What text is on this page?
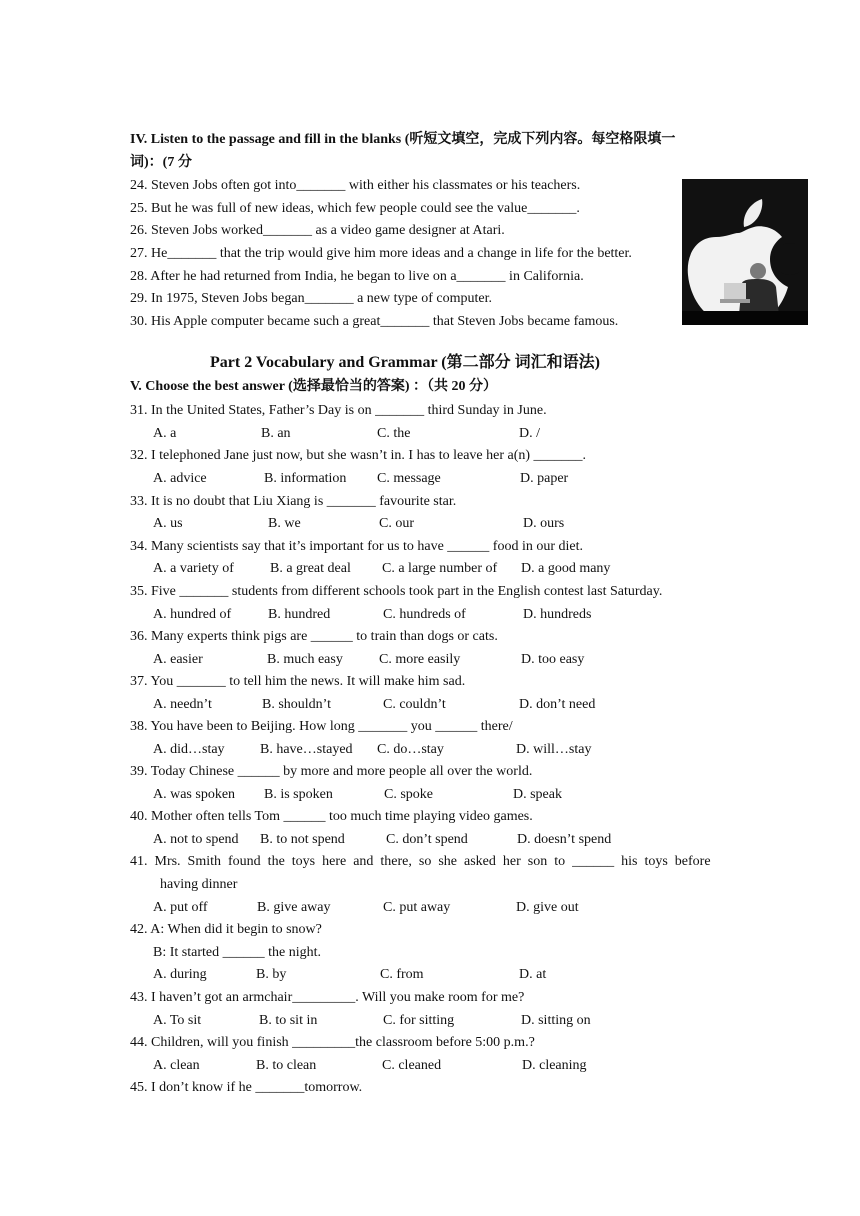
IV. Listen to the passage and fill in the blanks (听短文填空，完成下列内容。每空格限填一
词)：(7 分
24. Steven Jobs often got into_______ with either his classmates or his teachers.
25. But he was full of new ideas, which few people could see the value_______.
26. Steven Jobs worked_______ as a video game designer at Atari.
27. He_______ that the trip would give him more ideas and a change in life for the better.
28. After he had returned from India, he began to live on a_______ in California.
29. In 1975, Steven Jobs began_______ a new type of computer.
30. His Apple computer became such a great_______ that Steven Jobs became famous.
Part 2 Vocabulary and Grammar (第二部分 词汇和语法)
V. Choose the best answer (选择最恰当的答案) ：（共 20 分）
31. In the United States, Father’s Day is on _______ third Sunday in June.
A. a	B. an	C. the	D. /
32. I telephoned Jane just now, but she wasn’t in. I has to leave her a(n) _______.
A. advice	B. information C. message	D. paper
33. It is no doubt that Liu Xiang is _______ favourite star.
A. us	B. we	C. our	D. ours
34. Many scientists say that it’s important for us to have ______ food in our diet.
A. a variety of	B. a great deal C. a large number of D. a good many
35. Five _______ students from different schools took part in the English contest last Saturday.
A. hundred of	B. hundred	C. hundreds of	D. hundreds
36. Many experts think pigs are ______ to train than dogs or cats.
A. easier	B. much easy	C. more easily	D. too easy
37. You _______ to tell him the news. It will make him sad.
A. needn’t	B. shouldn’t	C. couldn’t	D. don’t need
38. You have been to Beijing. How long _______ you ______ there/
A. did…stay	B. have…stayed C. do…stay	D. will…stay
39. Today Chinese ______ by more and more people all over the world.
A. was spoken B. is spoken	C. spoke	D. speak
40. Mother often tells Tom ______ too much time playing video games.
A. not to spend B. to not spend	C. don’t spend	D. doesn’t spend
41.  Mrs.  Smith  found  the  toys  here  and  there,  so  she  asked  her  son  to  ______  his  toys  before
having dinner
A. put off	B. give away	C. put away	D. give out
42. A: When did it begin to snow?
B: It started ______ the night.
A. during	B. by	C. from	D. at
43. I haven’t got an armchair_________. Will you make room for me?
A. To sit	B. to sit in	C. for sitting	D. sitting on
44. Children, will you finish _________the classroom before 5:00 p.m.?
A. clean	B. to clean	C. cleaned	D. cleaning
45. I don’t know if he _______tomorrow.
